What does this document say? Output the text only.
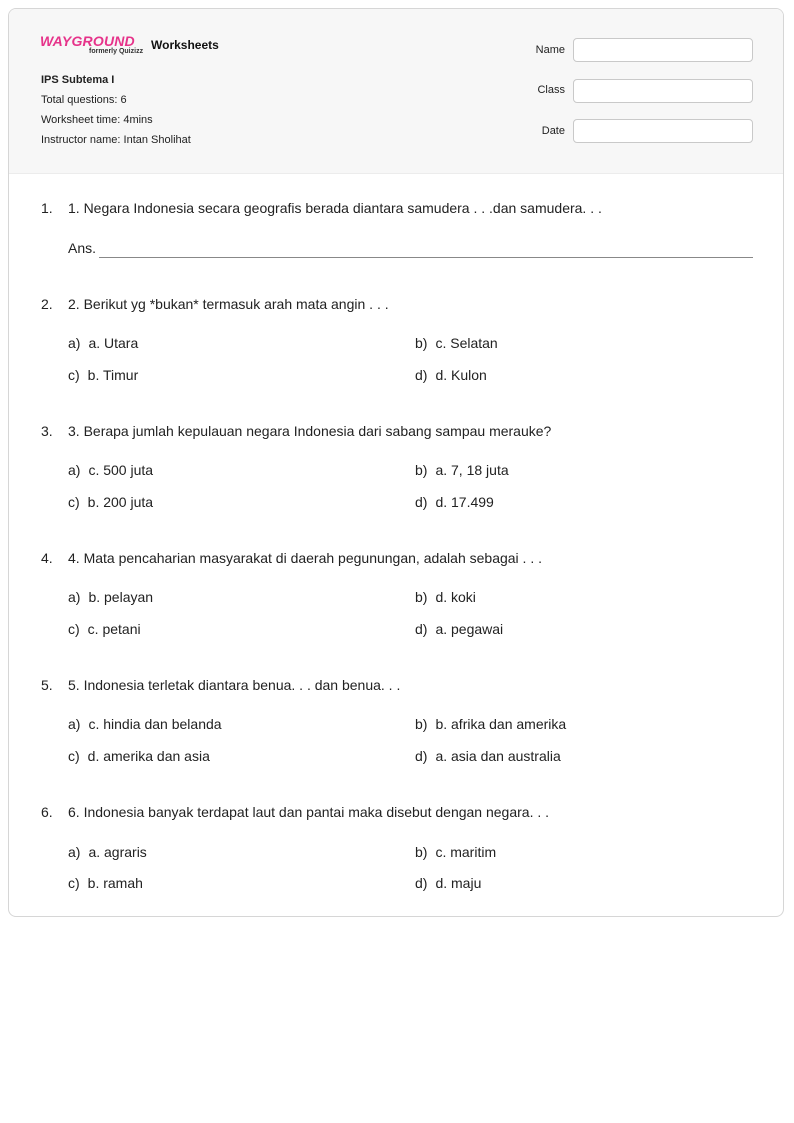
WAYGROUND
formerly Quizizz Worksheets
IPS Subtema I
Total questions: 6
Worksheet time: 4mins
Instructor name: Intan Sholihat
Name
Class
Date
1. 1. Negara Indonesia secara geografis berada diantara samudera . . .dan samudera. . .
Ans.
2. 2. Berikut yg *bukan* termasuk arah mata angin . . .
a) a. Utara	b) c. Selatan
c) b. Timur	d) d. Kulon
3. 3. Berapa jumlah kepulauan negara Indonesia dari sabang sampau merauke?
a) c. 500 juta	b) a. 7, 18 juta
c) b. 200 juta	d) d. 17.499
4. 4. Mata pencaharian masyarakat di daerah pegunungan, adalah sebagai . . .
a) b. pelayan	b) d. koki
c) c. petani	d) a. pegawai
5. 5. Indonesia terletak diantara benua. . . dan benua. . .
a) c. hindia dan belanda	b) b. afrika dan amerika
c) d. amerika dan asia	d) a. asia dan australia
6. 6. Indonesia banyak terdapat laut dan pantai maka disebut dengan negara. . .
a) a. agraris	b) c. maritim
c) b. ramah	d) d. maju
